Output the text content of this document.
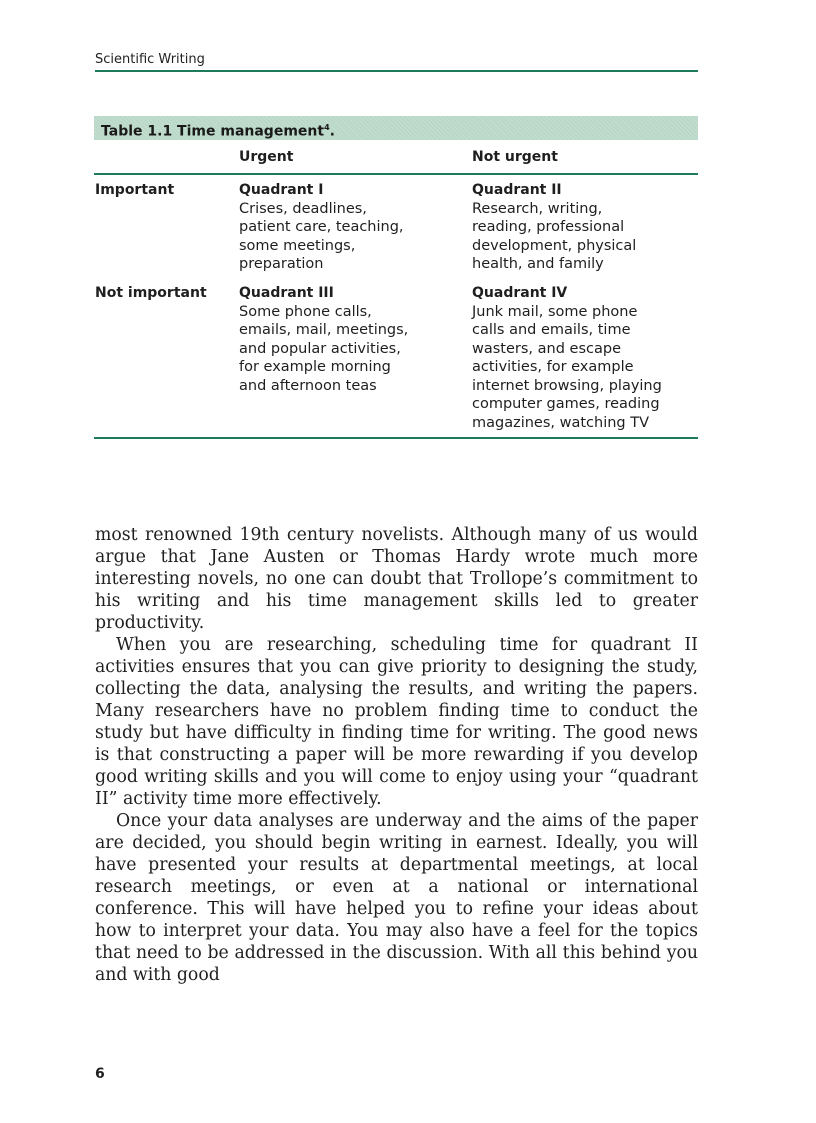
Scientific Writing
Table 1.1 Time management$^4$.
Urgent	Not urgent
Important	Quadrant I
Crises, deadlines,
patient care, teaching,
some meetings,
preparation
Quadrant II
Research, writing,
reading, professional
development, physical
health, and family
Not important Quadrant III
Some phone calls,
emails, mail, meetings,
and popular activities,
for example morning
and afternoon teas
Quadrant IV
Junk mail, some phone
calls and emails, time
wasters, and escape
activities, for example
internet browsing, playing
computer games, reading
magazines, watching TV

most renowned 19th century novelists. Although many of us would argue that Jane Austen or Thomas Hardy wrote much more interesting novels, no one can doubt that Trollope’s commitment to his writing and his time management skills led to greater productivity.

When you are researching, scheduling time for quadrant II activities ensures that you can give priority to designing the study, collecting the data, analysing the results, and writing the papers. Many researchers have no problem finding time to conduct the study but have difficulty in finding time for writing. The good news is that constructing a paper will be more rewarding if you develop good writing skills and you will come to enjoy using your “quadrant II” activity time more effectively.

Once your data analyses are underway and the aims of the paper are decided, you should begin writing in earnest. Ideally, you will have presented your results at departmental meetings, at local research meetings, or even at a national or international conference. This will have helped you to refine your ideas about how to interpret your data. You may also have a feel for the topics that need to be addressed in the discussion. With all this behind you and with good

6
